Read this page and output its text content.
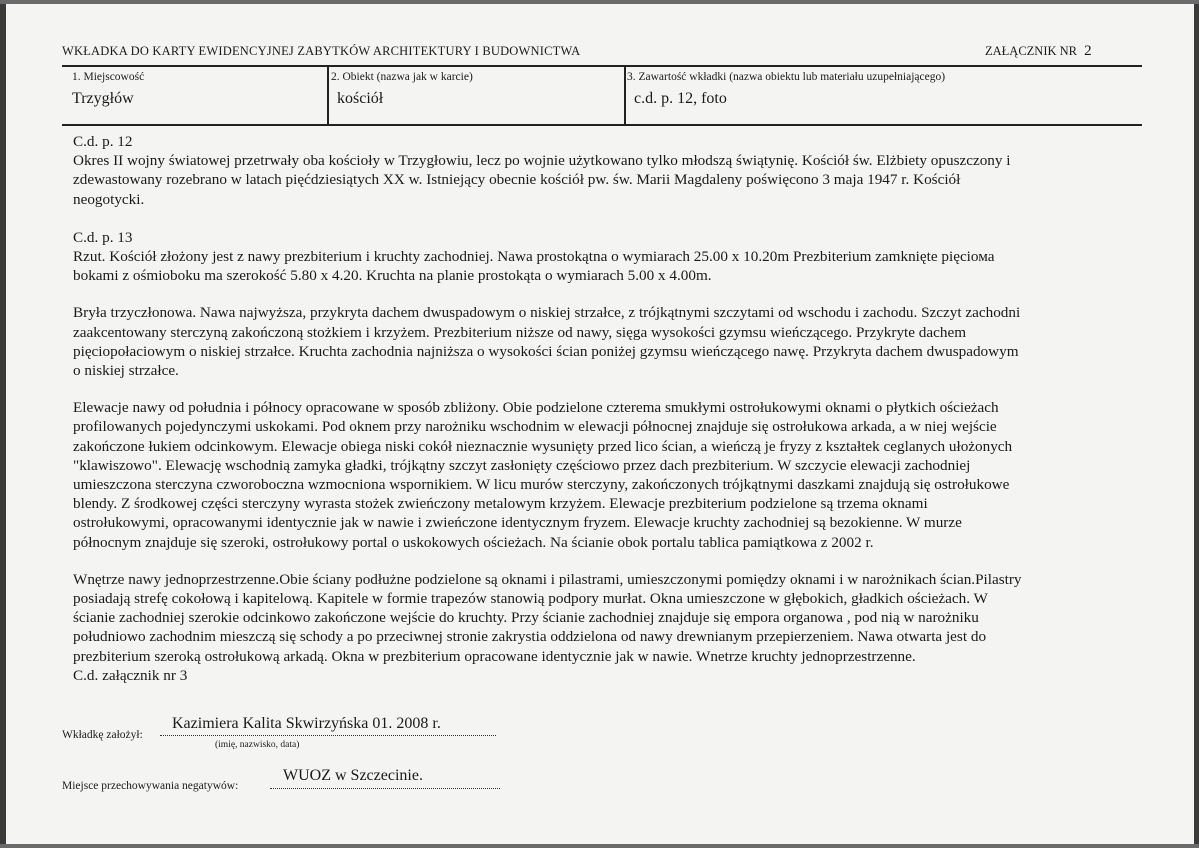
WKŁADKA DO KARTY EWIDENCYJNEJ ZABYTKÓW ARCHITEKTURY I BUDOWNICTWA	ZAŁĄCZNIK NR 2
1. Miejscowość
Trzygłów
2. Obiekt (nazwa jak w karcie)
kościół
3. Zawartość wkładki (nazwa obiektu lub materiału uzupełniającego)
c.d. p. 12, foto

C.d. p. 12
Okres II wojny światowej przetrwały oba kościoły w Trzygłowiu, lecz po wojnie użytkowano tylko młodszą świątynię. Kościół św. Elżbiety opuszczony i
zdewastowany rozebrano w latach pięćdziesiątych XX w. Istniejący obecnie kościół pw. św. Marii Magdaleny poświęcono 3 maja 1947 r. Kościół
neogotycki.

C.d. p. 13
Rzut. Kościół złożony jest z nawy prezbiterium i kruchty zachodniej. Nawa prostokątna o wymiarach 25.00 x 10.20m Prezbiterium zamknięte pięciома
bokami z ośmioboku ma szerokość 5.80 x 4.20. Kruchta na planie prostokąta o wymiarach 5.00 x 4.00m.

Bryła trzyczłonowa. Nawa najwyższa, przykryta dachem dwuspadowym o niskiej strzałce, z trójkątnymi szczytami od wschodu i zachodu. Szczyt zachodni
zaakcentowany sterczyną zakończoną stożkiem i krzyżem. Prezbiterium niższe od nawy, sięga wysokości gzymsu wieńczącego. Przykryte dachem
pięciopołaciowym o niskiej strzałce. Kruchta zachodnia najniższa o wysokości ścian poniżej gzymsu wieńczącego nawę. Przykryta dachem dwuspadowym
o niskiej strzałce.

Elewacje nawy od południa i północy opracowane w sposób zbliżony. Obie podzielone czterema smukłymi ostrołukowymi oknami o płytkich ościeżach
profilowanych pojedynczymi uskokami. Pod oknem przy narożniku wschodnim w elewacji północnej znajduje się ostrołukowa arkada, a w niej wejście
zakończone łukiem odcinkowym. Elewacje obiega niski cokół nieznacznie wysunięty przed lico ścian, a wieńczą je fryzy z kształtek ceglanych ułożonych
"klawiszowo". Elewację wschodnią zamyka gładki, trójkątny szczyt zasłonięty częściowo przez dach prezbiterium. W szczycie elewacji zachodniej
umieszczona sterczyna czworoboczna wzmocniona wspornikiem. W licu murów sterczyny, zakończonych trójkątnymi daszkami znajdują się ostrołukowe
blendy. Z środkowej części sterczyny wyrasta stożek zwieńczony metalowym krzyżem. Elewacje prezbiterium podzielone są trzema oknami
ostrołukowymi, opracowanymi identycznie jak w nawie i zwieńczone identycznym fryzem. Elewacje kruchty zachodniej są bezokienne. W murze
północnym znajduje się szeroki, ostrołukowy portal o uskokowych ościeżach. Na ścianie obok portalu tablica pamiątkowa z 2002 r.

Wnętrze nawy jednoprzestrzenne.Obie ściany podłużne podzielone są oknami i pilastrami, umieszczonymi pomiędzy oknami i w narożnikach ścian.Pilastry
posiadają strefę cokołową i kapitelową. Kapitele w formie trapezów stanowią podpory murłat. Okna umieszczone w głębokich, gładkich ościeżach. W
ścianie zachodniej szerokie odcinkowo zakończone wejście do kruchty. Przy ścianie zachodniej znajduje się empora organowa , pod nią w narożniku
południowo zachodnim mieszczą się schody a po przeciwnej stronie zakrystia oddzielona od nawy drewnianym przepierzeniem. Nawa otwarta jest do
prezbiterium szeroką ostrołukową arkadą. Okna w prezbiterium opracowane identycznie jak w nawie. Wnetrze kruchty jednoprzestrzenne.
C.d. załącznik nr 3

Wkładkę założył:
Kazimiera Kalita Skwirzyńska 01. 2008 r.
(imię, nazwisko, data)
Miejsce przechowywania negatywów:
WUOZ w Szczecinie.
